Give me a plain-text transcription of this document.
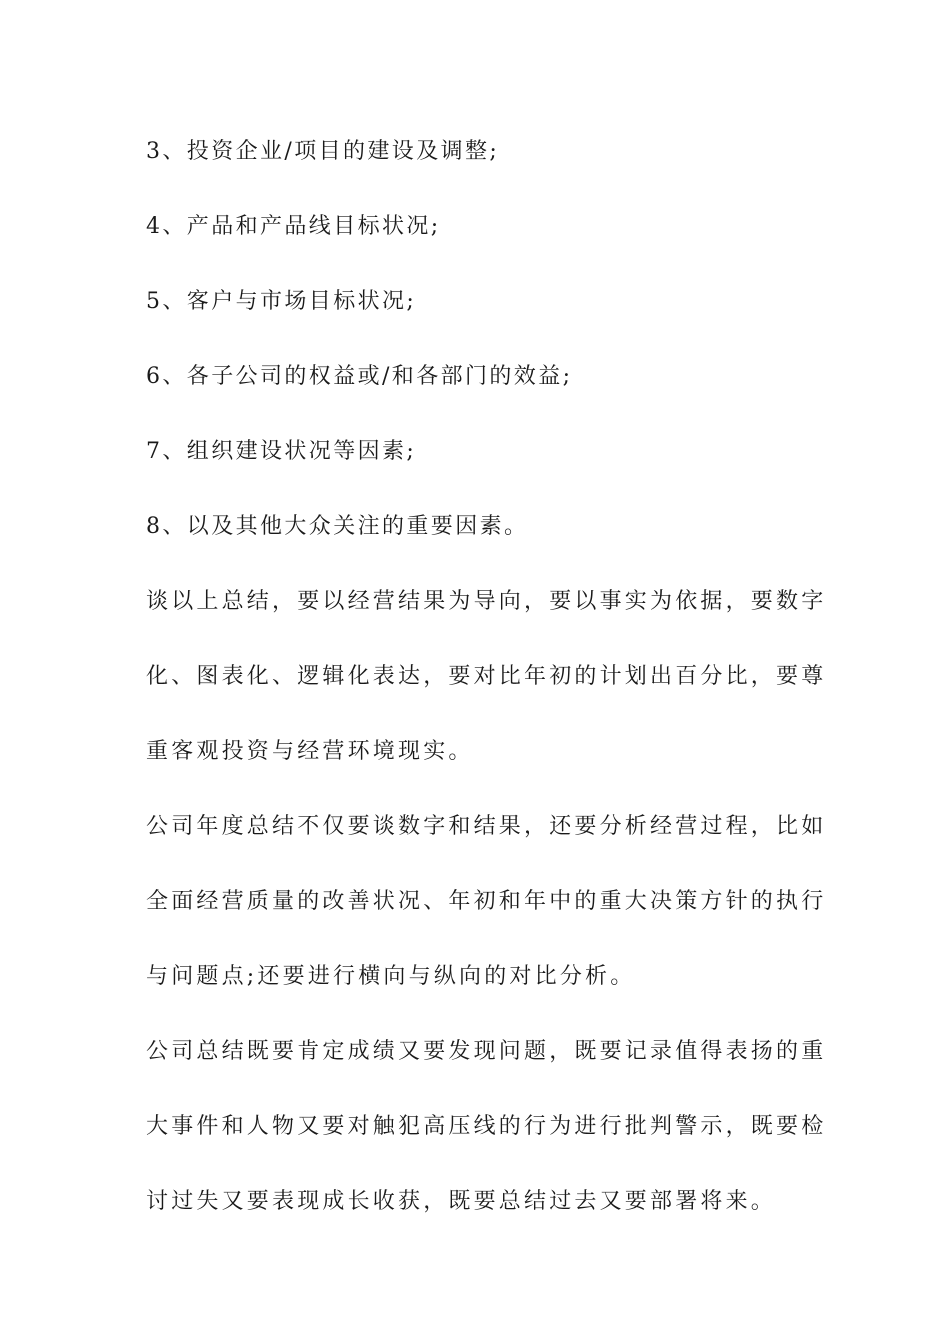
3、投资企业/项目的建设及调整;

4、产品和产品线目标状况;

5、客户与市场目标状况;

6、各子公司的权益或/和各部门的效益;

7、组织建设状况等因素;

8、以及其他大众关注的重要因素。

谈以上总结，要以经营结果为导向，要以事实为依据，要数字

化、图表化、逻辑化表达，要对比年初的计划出百分比，要尊

重客观投资与经营环境现实。

公司年度总结不仅要谈数字和结果，还要分析经营过程，比如

全面经营质量的改善状况、年初和年中的重大决策方针的执行

与问题点;还要进行横向与纵向的对比分析。

公司总结既要肯定成绩又要发现问题，既要记录值得表扬的重

大事件和人物又要对触犯高压线的行为进行批判警示，既要检

讨过失又要表现成长收获，既要总结过去又要部署将来。
